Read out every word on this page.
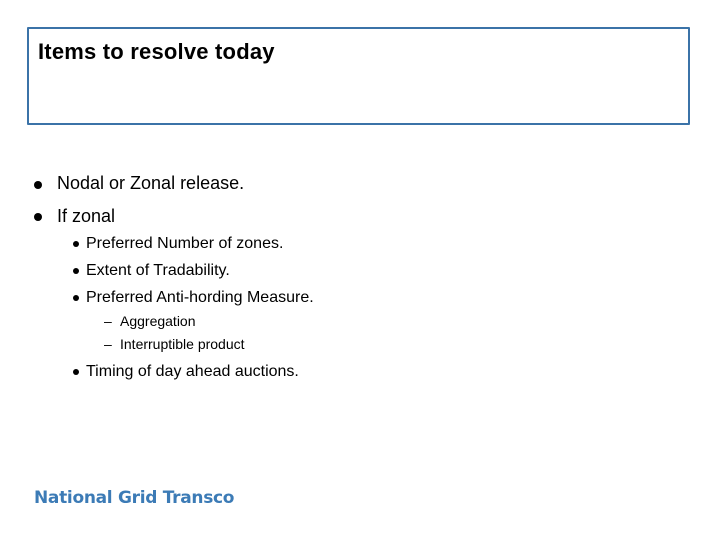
Items to resolve today
Nodal or Zonal release.
If zonal
Preferred Number of zones.
Extent of Tradability.
Preferred Anti-hording Measure.
– Aggregation
– Interruptible product
Timing of day ahead auctions.
National Grid Transco
